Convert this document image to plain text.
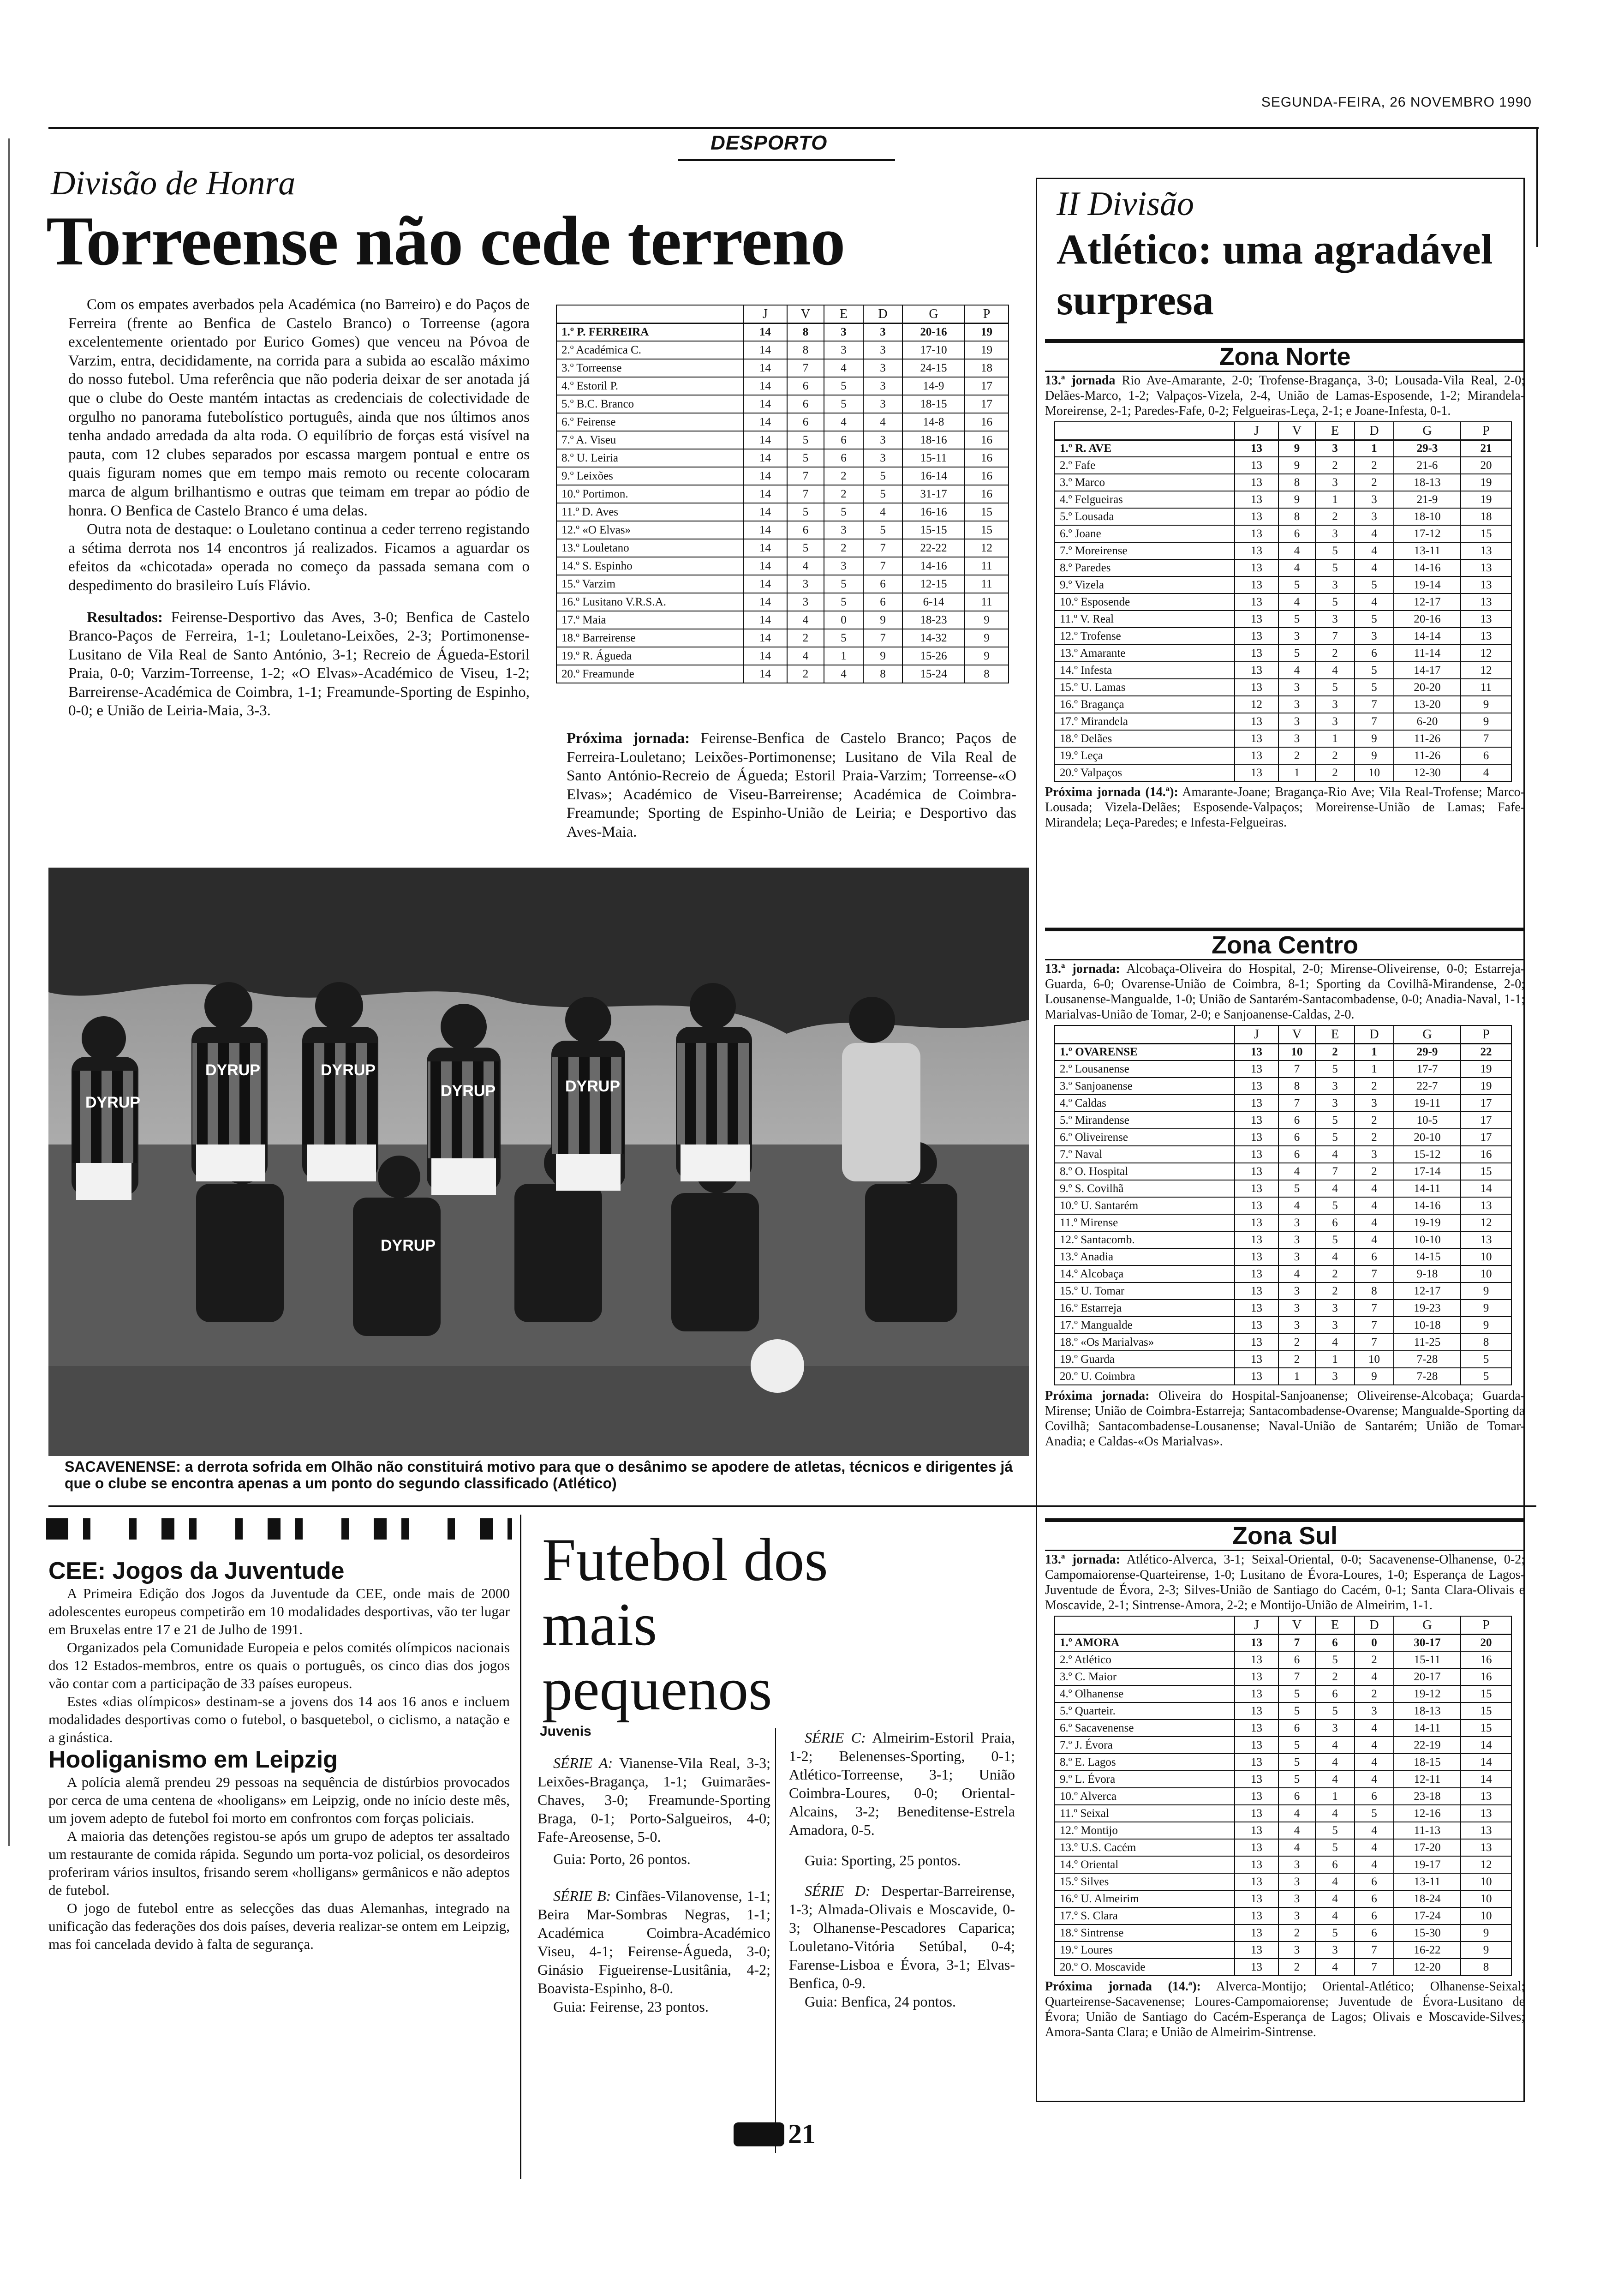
SEGUNDA-FEIRA, 26 NOVEMBRO 1990
DESPORTO
Divisão de Honra
Torreense não cede terreno

Com os empates averbados pela Académica (no Barreiro) e do Paços de Ferreira (frente ao Benfica de Castelo Branco) o Torreense (agora excelentemente orientado por Eurico Gomes) que venceu na Póvoa de Varzim, entra, decididamente, na corrida para a subida ao escalão máximo do nosso futebol. Uma referência que não poderia deixar de ser anotada já que o clube do Oeste mantém intactas as credenciais de colectividade de orgulho no panorama futebolístico português, ainda que nos últimos anos tenha andado arredada da alta roda. O equilíbrio de forças está visível na pauta, com 12 clubes separados por escassa margem pontual e entre os quais figuram nomes que em tempo mais remoto ou recente colocaram marca de algum brilhantismo e outras que teimam em trepar ao pódio de honra. O Benfica de Castelo Branco é uma delas.

Outra nota de destaque: o Louletano continua a ceder terreno registando a sétima derrota nos 14 encontros já realizados. Ficamos a aguardar os efeitos da «chicotada» operada no começo da passada semana com o despedimento do brasileiro Luís Flávio.

Resultados: Feirense-Desportivo das Aves, 3-0; Benfica de Castelo Branco-Paços de Ferreira, 1-1; Louletano-Leixões, 2-3; Portimonense-Lusitano de Vila Real de Santo António, 3-1; Recreio de Águeda-Estoril Praia, 0-0; Varzim-Torreense, 1-2; «O Elvas»-Académico de Viseu, 1-2; Barreirense-Académica de Coimbra, 1-1; Freamunde-Sporting de Espinho, 0-0; e União de Leiria-Maia, 3-3.

	J	V	E	D	G	P
1.º P. FERREIRA	14	8	3	3	20-16	19
2.º Académica C.	14	8	3	3	17-10	19
3.º Torreense	14	7	4	3	24-15	18
4.º Estoril P.	14	6	5	3	14-9	17
5.º B.C. Branco	14	6	5	3	18-15	17
6.º Feirense	14	6	4	4	14-8	16
7.º A. Viseu	14	5	6	3	18-16	16
8.º U. Leiria	14	5	6	3	15-11	16
9.º Leixões	14	7	2	5	16-14	16
10.º Portimon.	14	7	2	5	31-17	16
11.º D. Aves	14	5	5	4	16-16	15
12.º «O Elvas»	14	6	3	5	15-15	15
13.º Louletano	14	5	2	7	22-22	12
14.º S. Espinho	14	4	3	7	14-16	11
15.º Varzim	14	3	5	6	12-15	11
16.º Lusitano V.R.S.A.	14	3	5	6	6-14	11
17.º Maia	14	4	0	9	18-23	9
18.º Barreirense	14	2	5	7	14-32	9
19.º R. Águeda	14	4	1	9	15-26	9
20.º Freamunde	14	2	4	8	15-24	8
Próxima jornada: Feirense-Benfica de Castelo Branco; Paços de Ferreira-Louletano; Leixões-Portimonense; Lusitano de Vila Real de Santo António-Recreio de Águeda; Estoril Praia-Varzim; Torreense-«O Elvas»; Académico de Viseu-Barreirense; Académica de Coimbra-Freamunde; Sporting de Espinho-União de Leiria; e Desportivo das Aves-Maia.
DYRUP
DYRUP	DYRUP
DYRUP	DYRUP
DYRUP
SACAVENENSE: a derrota sofrida em Olhão não constituirá motivo para que o desânimo se apodere de atletas, técnicos e dirigentes já que o clube se encontra apenas a um ponto do segundo classificado (Atlético)
CEE: Jogos da Juventude

A Primeira Edição dos Jogos da Juventude da CEE, onde mais de 2000 adolescentes europeus competirão em 10 modalidades desportivas, vão ter lugar em Bruxelas entre 17 e 21 de Julho de 1991.

Organizados pela Comunidade Europeia e pelos comités olímpicos nacionais dos 12 Estados-membros, entre os quais o português, os cinco dias dos jogos vão contar com a participação de 33 países europeus.

Estes «dias olímpicos» destinam-se a jovens dos 14 aos 16 anos e incluem modalidades desportivas como o futebol, o basquetebol, o ciclismo, a natação e a ginástica.

Hooliganismo em Leipzig

A polícia alemã prendeu 29 pessoas na sequência de distúrbios provocados por cerca de uma centena de «hooligans» em Leipzig, onde no início deste mês, um jovem adepto de futebol foi morto em confrontos com forças policiais.

A maioria das detenções registou-se após um grupo de adeptos ter assaltado um restaurante de comida rápida. Segundo um porta-voz policial, os desordeiros proferiram vários insultos, frisando serem «holligans» germânicos e não adeptos de futebol.

O jogo de futebol entre as selecções das duas Alemanhas, integrado na unificação das federações dos dois países, deveria realizar-se ontem em Leipzig, mas foi cancelada devido à falta de segurança.

Futebol dos mais pequenos
Juvenis

SÉRIE A: Vianense-Vila Real, 3-3; Leixões-Bragança, 1-1; Guimarães-Chaves, 3-0; Freamunde-Sporting Braga, 0-1; Porto-Salgueiros, 4-0; Fafe-Areosense, 5-0.

Guia: Porto, 26 pontos.

SÉRIE B: Cinfães-Vilanovense, 1-1; Beira Mar-Sombras Negras, 1-1; Académica Coimbra-Académico Viseu, 4-1; Feirense-Águeda, 3-0; Ginásio Figueirense-Lusitânia, 4-2; Boavista-Espinho, 8-0.

Guia: Feirense, 23 pontos.

SÉRIE C: Almeirim-Estoril Praia, 1-2; Belenenses-Sporting, 0-1; Atlético-Torreense, 3-1; União Coimbra-Loures, 0-0; Oriental-Alcains, 3-2; Beneditense-Estrela Amadora, 0-5.

Guia: Sporting, 25 pontos.

SÉRIE D: Despertar-Barreirense, 1-3; Almada-Olivais e Moscavide, 0-3; Olhanense-Pescadores Caparica; Louletano-Vitória Setúbal, 0-4; Farense-Lisboa e Évora, 3-1; Elvas-Benfica, 0-9.

Guia: Benfica, 24 pontos.

21
II Divisão
Atlético: uma agradável surpresa
Zona Norte
13.ª jornada Rio Ave-Amarante, 2-0; Trofense-Bragança, 3-0; Lousada-Vila Real, 2-0; Delães-Marco, 1-2; Valpaços-Vizela, 2-4, União de Lamas-Esposende, 1-2; Mirandela-Moreirense, 2-1; Paredes-Fafe, 0-2; Felgueiras-Leça, 2-1; e Joane-Infesta, 0-1.
	J	V	E	D	G	P
1.º R. AVE	13	9	3	1	29-3	21
2.º Fafe	13	9	2	2	21-6	20
3.º Marco	13	8	3	2	18-13	19
4.º Felgueiras	13	9	1	3	21-9	19
5.º Lousada	13	8	2	3	18-10	18
6.º Joane	13	6	3	4	17-12	15
7.º Moreirense	13	4	5	4	13-11	13
8.º Paredes	13	4	5	4	14-16	13
9.º Vizela	13	5	3	5	19-14	13
10.º Esposende	13	4	5	4	12-17	13
11.º V. Real	13	5	3	5	20-16	13
12.º Trofense	13	3	7	3	14-14	13
13.º Amarante	13	5	2	6	11-14	12
14.º Infesta	13	4	4	5	14-17	12
15.º U. Lamas	13	3	5	5	20-20	11
16.º Bragança	12	3	3	7	13-20	9
17.º Mirandela	13	3	3	7	6-20	9
18.º Delães	13	3	1	9	11-26	7
19.º Leça	13	2	2	9	11-26	6
20.º Valpaços	13	1	2	10	12-30	4
Próxima jornada (14.ª): Amarante-Joane; Bragança-Rio Ave; Vila Real-Trofense; Marco-Lousada; Vizela-Delães; Esposende-Valpaços; Moreirense-União de Lamas; Fafe-Mirandela; Leça-Paredes; e Infesta-Felgueiras.
Zona Centro
13.ª jornada: Alcobaça-Oliveira do Hospital, 2-0; Mirense-Oliveirense, 0-0; Estarreja-Guarda, 6-0; Ovarense-União de Coimbra, 8-1; Sporting da Covilhã-Mirandense, 2-0; Lousanense-Mangualde, 1-0; União de Santarém-Santacombadense, 0-0; Anadia-Naval, 1-1; Marialvas-União de Tomar, 2-0; e Sanjoanense-Caldas, 2-0.
	J	V	E	D	G	P
1.º OVARENSE	13	10	2	1	29-9	22
2.º Lousanense	13	7	5	1	17-7	19
3.º Sanjoanense	13	8	3	2	22-7	19
4.º Caldas	13	7	3	3	19-11	17
5.º Mirandense	13	6	5	2	10-5	17
6.º Oliveirense	13	6	5	2	20-10	17
7.º Naval	13	6	4	3	15-12	16
8.º O. Hospital	13	4	7	2	17-14	15
9.º S. Covilhã	13	5	4	4	14-11	14
10.º U. Santarém	13	4	5	4	14-16	13
11.º Mirense	13	3	6	4	19-19	12
12.º Santacomb.	13	3	5	4	10-10	13
13.º Anadia	13	3	4	6	14-15	10
14.º Alcobaça	13	4	2	7	9-18	10
15.º U. Tomar	13	3	2	8	12-17	9
16.º Estarreja	13	3	3	7	19-23	9
17.º Mangualde	13	3	3	7	10-18	9
18.º «Os Marialvas»	13	2	4	7	11-25	8
19.º Guarda	13	2	1	10	7-28	5
20.º U. Coimbra	13	1	3	9	7-28	5
Próxima jornada: Oliveira do Hospital-Sanjoanense; Oliveirense-Alcobaça; Guarda-Mirense; União de Coimbra-Estarreja; Santacombadense-Ovarense; Mangualde-Sporting da Covilhã; Santacombadense-Lousanense; Naval-União de Santarém; União de Tomar-Anadia; e Caldas-«Os Marialvas».
Zona Sul
13.ª jornada: Atlético-Alverca, 3-1; Seixal-Oriental, 0-0; Sacavenense-Olhanense, 0-2; Campomaiorense-Quarteirense, 1-0; Lusitano de Évora-Loures, 1-0; Esperança de Lagos-Juventude de Évora, 2-3; Silves-União de Santiago do Cacém, 0-1; Santa Clara-Olivais e Moscavide, 2-1; Sintrense-Amora, 2-2; e Montijo-União de Almeirim, 1-1.
	J	V	E	D	G	P
1.º AMORA	13	7	6	0	30-17	20
2.º Atlético	13	6	5	2	15-11	16
3.º C. Maior	13	7	2	4	20-17	16
4.º Olhanense	13	5	6	2	19-12	15
5.º Quarteir.	13	5	5	3	18-13	15
6.º Sacavenense	13	6	3	4	14-11	15
7.º J. Évora	13	5	4	4	22-19	14
8.º E. Lagos	13	5	4	4	18-15	14
9.º L. Évora	13	5	4	4	12-11	14
10.º Alverca	13	6	1	6	23-18	13
11.º Seixal	13	4	4	5	12-16	13
12.º Montijo	13	4	5	4	11-13	13
13.º U.S. Cacém	13	4	5	4	17-20	13
14.º Oriental	13	3	6	4	19-17	12
15.º Silves	13	3	4	6	13-11	10
16.º U. Almeirim	13	3	4	6	18-24	10
17.º S. Clara	13	3	4	6	17-24	10
18.º Sintrense	13	2	5	6	15-30	9
19.º Loures	13	3	3	7	16-22	9
20.º O. Moscavide	13	2	4	7	12-20	8
Próxima jornada (14.ª): Alverca-Montijo; Oriental-Atlético; Olhanense-Seixal; Quarteirense-Sacavenense; Loures-Campomaiorense; Juventude de Évora-Lusitano de Évora; União de Santiago do Cacém-Esperança de Lagos; Olivais e Moscavide-Silves; Amora-Santa Clara; e União de Almeirim-Sintrense.
